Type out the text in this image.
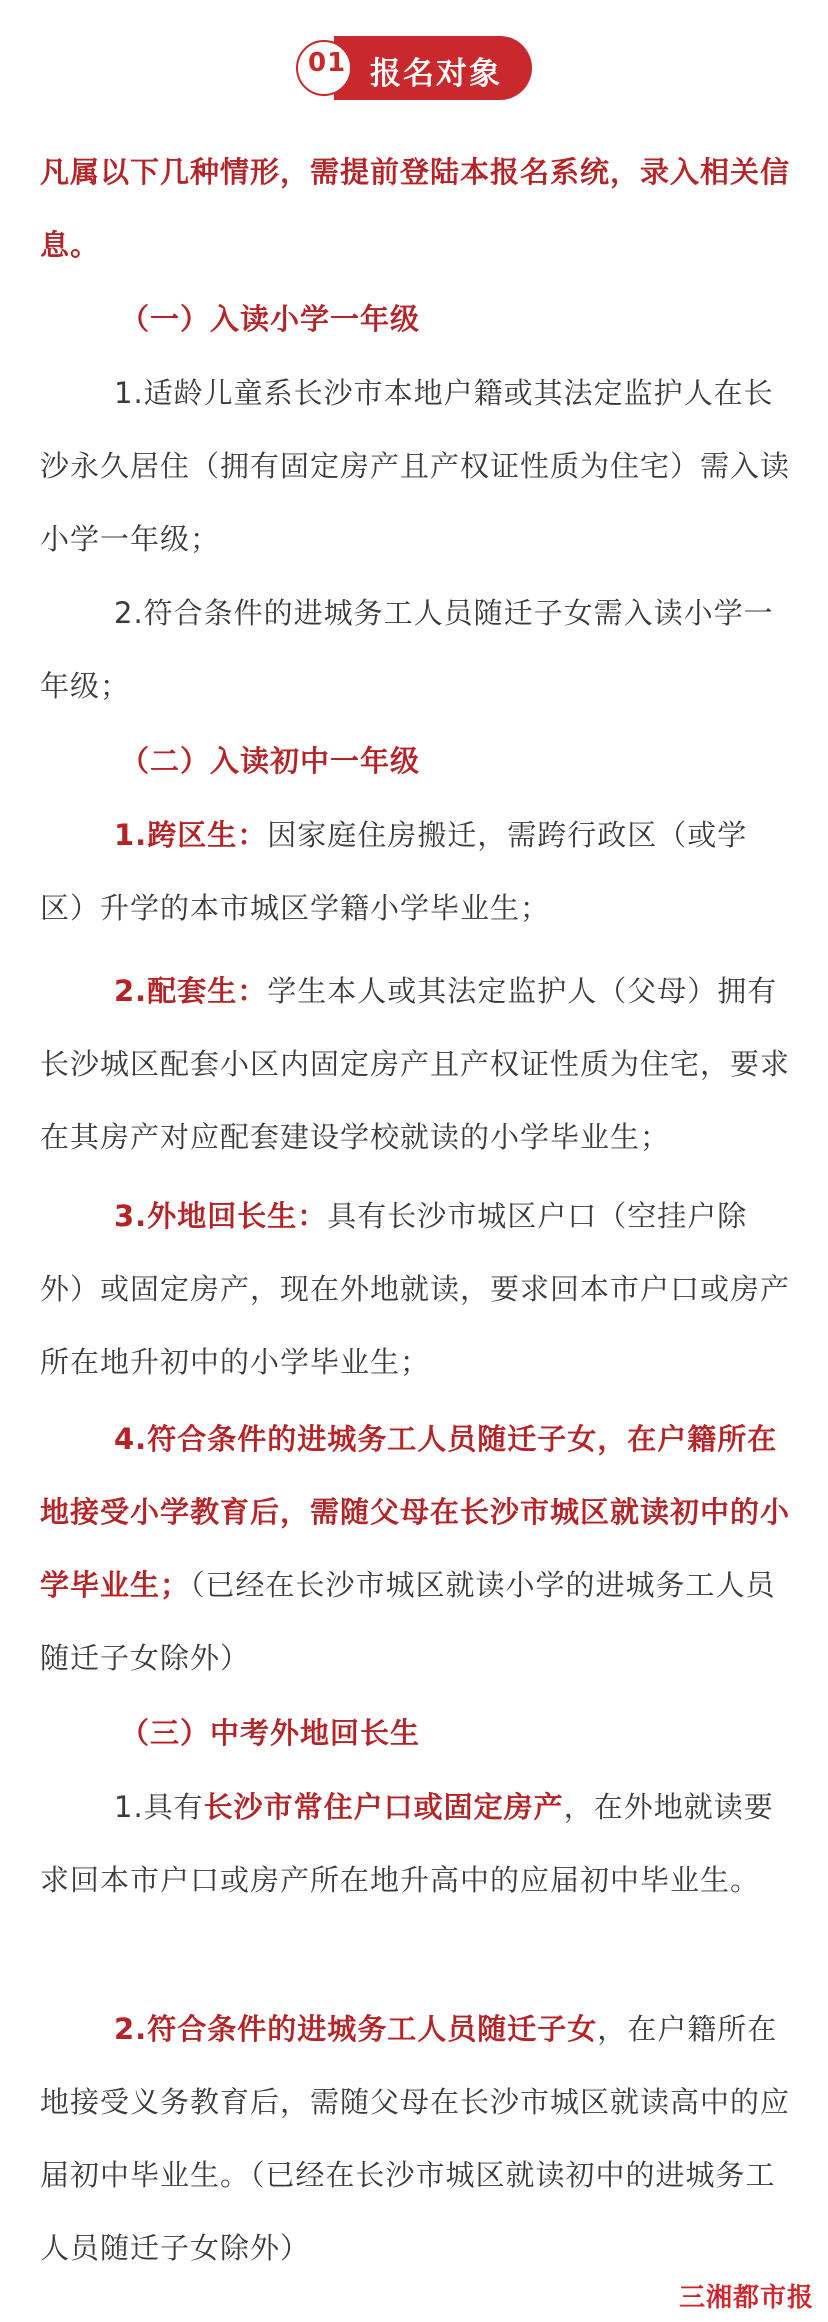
01 报名对象

凡属以下几种情形，需提前登陆本报名系统，录入相关信息。

（一）入读小学一年级

1.适龄儿童系长沙市本地户籍或其法定监护人在长沙永久居住（拥有固定房产且产权证性质为住宅）需入读小学一年级；

2.符合条件的进城务工人员随迁子女需入读小学一年级；

（二）入读初中一年级

1.跨区生：因家庭住房搬迁，需跨行政区（或学区）升学的本市城区学籍小学毕业生；

2.配套生：学生本人或其法定监护人（父母）拥有长沙城区配套小区内固定房产且产权证性质为住宅，要求在其房产对应配套建设学校就读的小学毕业生；

3.外地回长生：具有长沙市城区户口（空挂户除外）或固定房产，现在外地就读，要求回本市户口或房产所在地升初中的小学毕业生；

4.符合条件的进城务工人员随迁子女，在户籍所在地接受小学教育后，需随父母在长沙市城区就读初中的小学毕业生；（已经在长沙市城区就读小学的进城务工人员随迁子女除外）

（三）中考外地回长生

1.具有长沙市常住户口或固定房产，在外地就读要求回本市户口或房产所在地升高中的应届初中毕业生。

2.符合条件的进城务工人员随迁子女，在户籍所在地接受义务教育后，需随父母在长沙市城区就读高中的应届初中毕业生。（已经在长沙市城区就读初中的进城务工人员随迁子女除外）

三湘都市报
